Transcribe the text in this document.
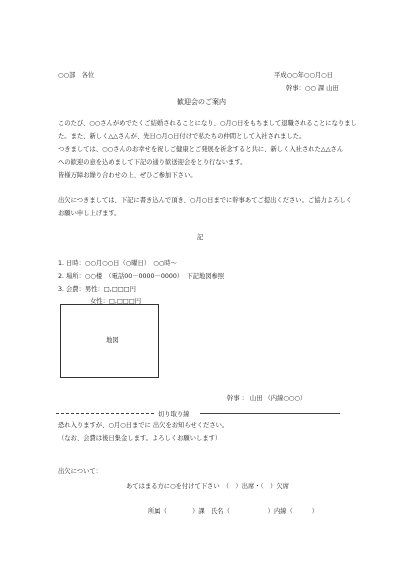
○○部　各位	平成○○年○○月○日
幹事：○○ 課 山田
歓迎会のご案内
このたび、○○さんがめでたくご結婚されることになり、○月○日をもちまして退職されることになりまし
た。また、新しく△△さんが、先日○月○日付けで私たちの仲間として入社されました。
つきましては、○○さんのお幸せを祝しご健康とご発展を祈念すると共に、新しく入社された△△さん
への歓迎の意を込めまして下記の通り歓送迎会をとり行ないます。
皆様万障お繰り合わせの上、ぜひご参加下さい。
出欠につきましては、下記に書き込んで頂き、○月○日までに幹事あてご提出ください。ご協力よろしく
お願い申し上げます。
記
1. 日時：○○月○○日（○曜日）　○○時～
2. 場所：○○楼　（電話00－0000－0000）　下記地図参照
3. 会費：男性：□,□□□円
女性：□,□□□円
地図
幹事 ： 山田 （内線○○○）
切り取り線
恐れ入りますが、○月○日までに 出欠をお知らせください。
（なお、会費は後日集金します。よろしくお願いします）
出欠について：
あてはまる方に○を付けて下さい　（　）出席・（　）欠席
所属（　　　　）課　氏名（　　　　　　）内線（　　　）
